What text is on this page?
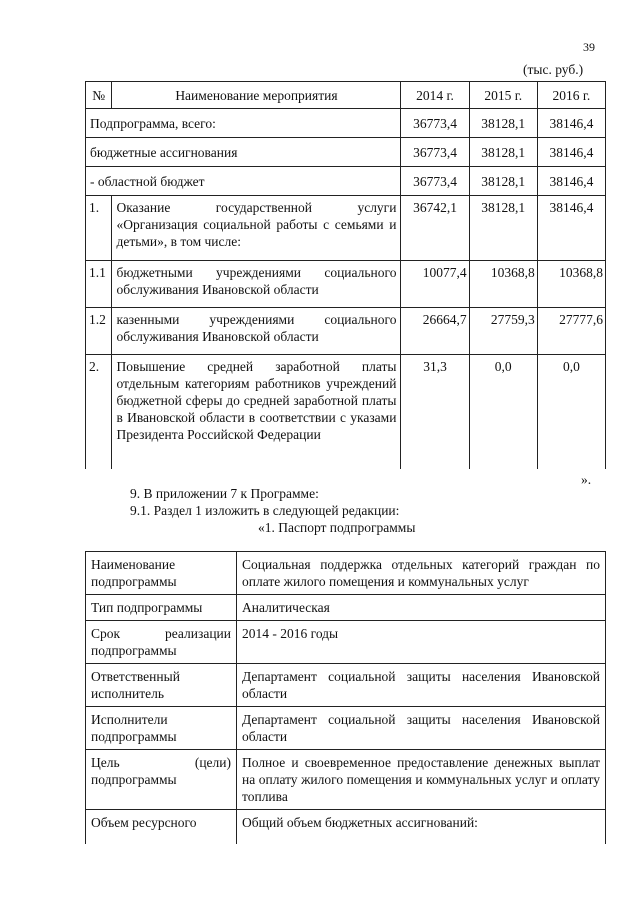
39
(тыс. руб.)
№	Наименование мероприятия	2014 г.	2015 г.	2016 г.
Подпрограмма, всего:		36773,4	38128,1	38146,4
бюджетные ассигнования		36773,4	38128,1	38146,4
- областной бюджет		36773,4	38128,1	38146,4
1.	Оказание государственной услуги «Организация социальной работы с семьями и детьми», в том числе:	36742,1	38128,1	38146,4
1.1	бюджетными учреждениями социального обслуживания Ивановской области	10077,4	10368,8	10368,8
1.2	казенными учреждениями социального обслуживания Ивановской области	26664,7	27759,3	27777,6
2.	Повышение средней заработной платы отдельным категориям работников учреждений бюджетной сферы до средней заработной платы в Ивановской области в соответствии с указами Президента Российской Федерации	31,3	0,0	0,0
».
9. В приложении 7 к Программе:
9.1. Раздел 1 изложить в следующей редакции:
«1. Паспорт подпрограммы
Наименование подпрограммы	Социальная поддержка отдельных категорий граждан по оплате жилого помещения и коммунальных услуг
Тип подпрограммы	Аналитическая
Срок реализации подпрограммы	2014 - 2016 годы
Ответственный исполнитель	Департамент социальной защиты населения Ивановской области
Исполнители подпрограммы	Департамент социальной защиты населения Ивановской области
Цель (цели) подпрограммы	Полное и своевременное предоставление денежных выплат на оплату жилого помещения и коммунальных услуг и оплату топлива
Объем ресурсного	Общий объем бюджетных ассигнований:
